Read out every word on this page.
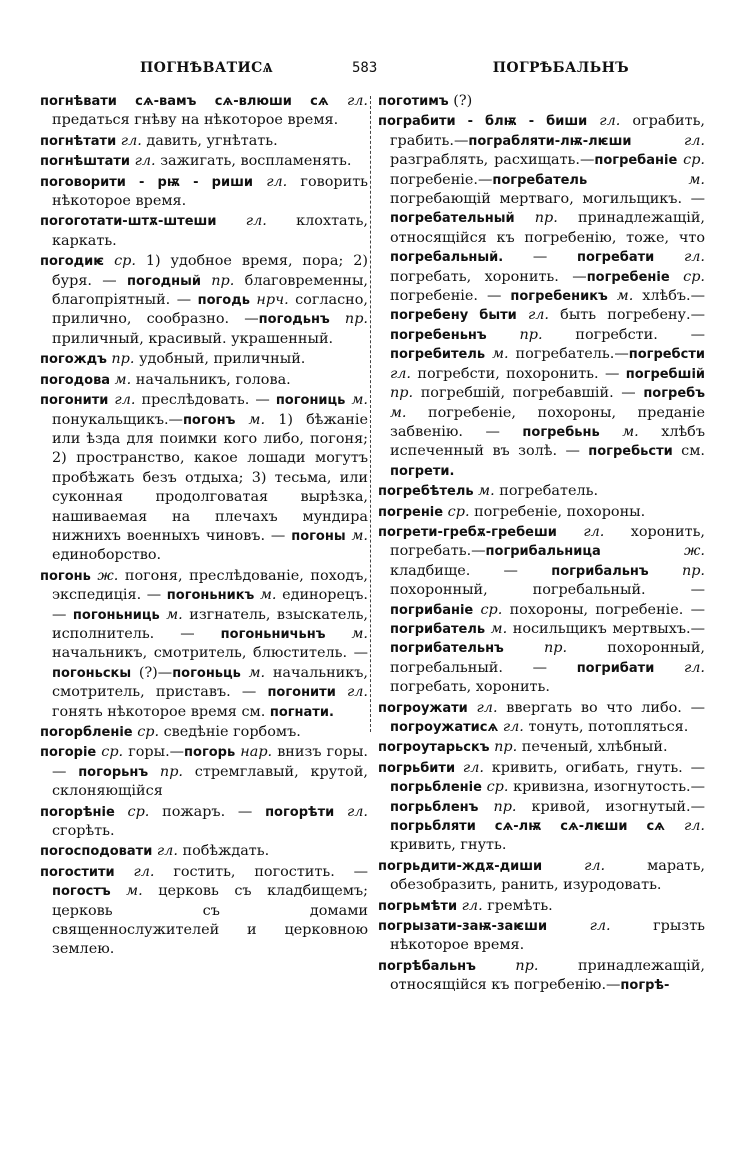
ПОГНѢВАТИСѦ	583	ПОГРѢБАЛЬНЪ
погнѣвати сѧ-вамъ сѧ-влюши сѧ гл. предаться гнѣву на нѣкоторое время.
погнѣтати гл. давить, угнѣтать.
погнѣштати гл. зажигать, воспламенять.
поговорити - рѭ - риши гл. говорить нѣкоторое время.
погоготати-штѫ-штеши гл. клохтать, каркать.
погодиѥ ср. 1) удобное время, пора; 2) буря. — погодный пр. благовременны, благопріятный. — погодь нрч. согласно, прилично, сообразно. —погодьнъ пр. приличный, красивый. украшенный.
погождъ пр. удобный, приличный.
погодова м. начальникъ, голова.
погонити гл. преслѣдовать. — погониць м. понукальщикъ.—погонъ м. 1) бѣжаніе или ѣзда для поимки кого либо, погоня; 2) пространство, какое лошади могутъ пробѣжать безъ отдыха; 3) тесьма, или суконная продолговатая вырѣзка, нашиваемая на плечахъ мундира нижнихъ военныхъ чиновъ. — погоны м. единоборство.
погонь ж. погоня, преслѣдованіе, походъ, экспедиція. — погоньникъ м. единорецъ. — погоньниць м. изгнатель, взыскатель, исполнитель. — погоньничьнъ м. начальникъ, смотритель, блюститель. — погоньскы (?)—погоньць м. начальникъ, смотритель, приставъ. — погонити гл. гонять нѣкоторое время см. погнати.
погорбленіе ср. сведѣніе горбомъ.
погоріе ср. горы.—погорь нар. внизъ горы. — погорьнъ пр. стремглавый, крутой, склоняющійся
погорѣніе ср. пожаръ. — погорѣти гл. сгорѣть.
погосподовати гл. побѣждать.
погостити гл. гостить, погостить. — погостъ м. церковь съ кладбищемъ; церковь съ домами священнослужителей и церковною землею.
поготимъ (?)
пограбити - блѭ - биши гл. ограбить, грабить.—пограбляти-лѭ-лѥши гл. разграблять, расхищать.—погребаніе ср. погребеніе.—погребатель м. погребающій мертваго, могильщикъ. — погребательный пр. принадлежащій, относящійся къ погребенію, тоже, что погребальный. — погребати гл. погребать, хоронить. —погребеніе ср. погребеніе. — погребеникъ м. хлѣбъ.—погребену быти гл. быть погребену.—погребеньнъ пр. погребсти. — погребитель м. погребатель.—погребсти гл. погребсти, похоронить. — погребшій пр. погребшій, погребавшій. — погребъ м. погребеніе, похороны, преданіе забвенію. — погребьнь м. хлѣбъ испеченный въ золѣ. — погребьсти см. погрети.
погребѣтель м. погребатель.
погреніе ср. погребеніе, похороны.
погрети-гребѫ-гребеши гл. хоронить, погребать.—погрибальница ж. кладбище. — погрибальнъ пр. похоронный, погребальный. — погрибаніе ср. похороны, погребеніе. — погрибатель м. носильщикъ мертвыхъ.—погрибательнъ пр. похоронный, погребальный. — погрибати гл. погребать, хоронить.
погроужати гл. ввергать во что либо. — погроужатисѧ гл. тонуть, потопляться.
погроутарьскъ пр. печеный, хлѣбный.
погрьбити гл. кривить, огибать, гнуть. — погрьбленіе ср. кривизна, изогнутость.—погрьбленъ пр. кривой, изогнутый.—погрьбляти сѧ-лѭ сѧ-лѥши сѧ гл. кривить, гнуть.
погрьдити-ждѫ-диши гл. марать, обезобразить, ранить, изуродовать.
погрьмѣти гл. гремѣть.
погрызати-заѭ-заѥши гл. грызть нѣкоторое время.
погрѣбальнъ пр. принадлежащій, относящійся къ погребенію.—погрѣ-
